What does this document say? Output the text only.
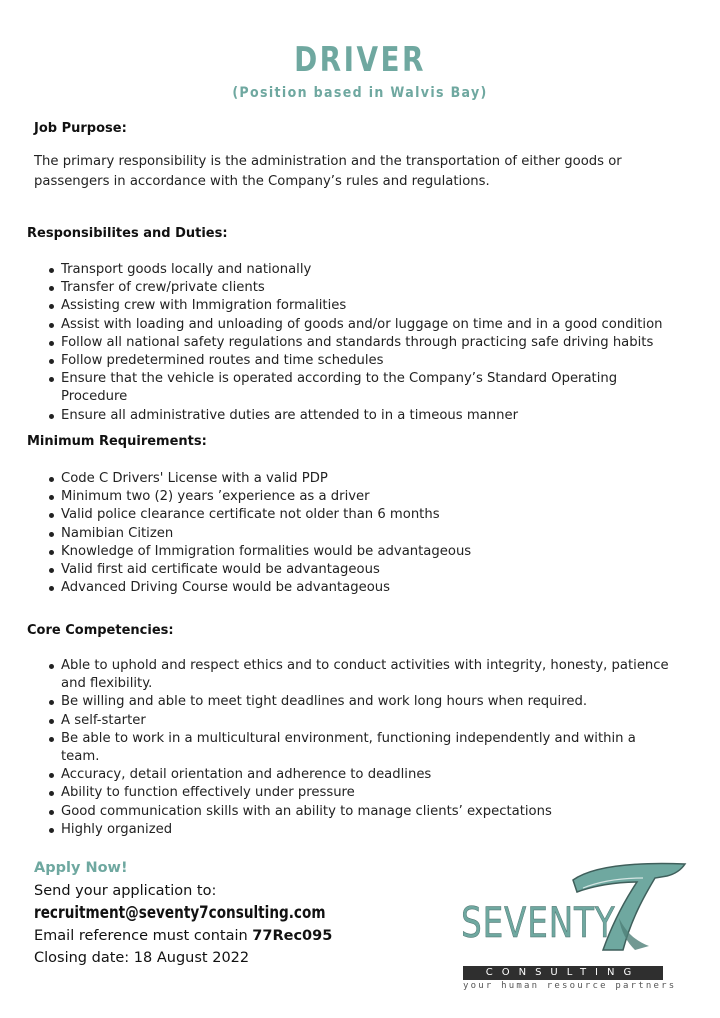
DRIVER
(Position based in Walvis Bay)
Job Purpose:
The primary responsibility is the administration and the transportation of either goods or passengers in accordance with the Company’s rules and regulations.
Responsibilites and Duties:
Transport goods locally and nationally
Transfer of crew/private clients
Assisting crew with Immigration formalities
Assist with loading and unloading of goods and/or luggage on time and in a good condition
Follow all national safety regulations and standards through practicing safe driving habits
Follow predetermined routes and time schedules
Ensure that the vehicle is operated according to the Company’s Standard Operating Procedure
Ensure all administrative duties are attended to in a timeous manner
Minimum Requirements:
Code C Drivers' License with a valid PDP
Minimum two (2) years ’experience as a driver
Valid police clearance certificate not older than 6 months
Namibian Citizen
Knowledge of Immigration formalities would be advantageous
Valid first aid certificate would be advantageous
Advanced Driving Course would be advantageous
Core Competencies:
Able to uphold and respect ethics and to conduct activities with integrity, honesty, patience and flexibility.
Be willing and able to meet tight deadlines and work long hours when required.
A self-starter
Be able to work in a multicultural environment, functioning independently and within a team.
Accuracy, detail orientation and adherence to deadlines
Ability to function effectively under pressure
Good communication skills with an ability to manage clients’ expectations
Highly organized
Apply Now!
Send your application to:
recruitment@seventy7consulting.com
Email reference must contain 77Rec095
Closing date: 18 August 2022
SEVENTY
CONSULTING
your human resource partners
